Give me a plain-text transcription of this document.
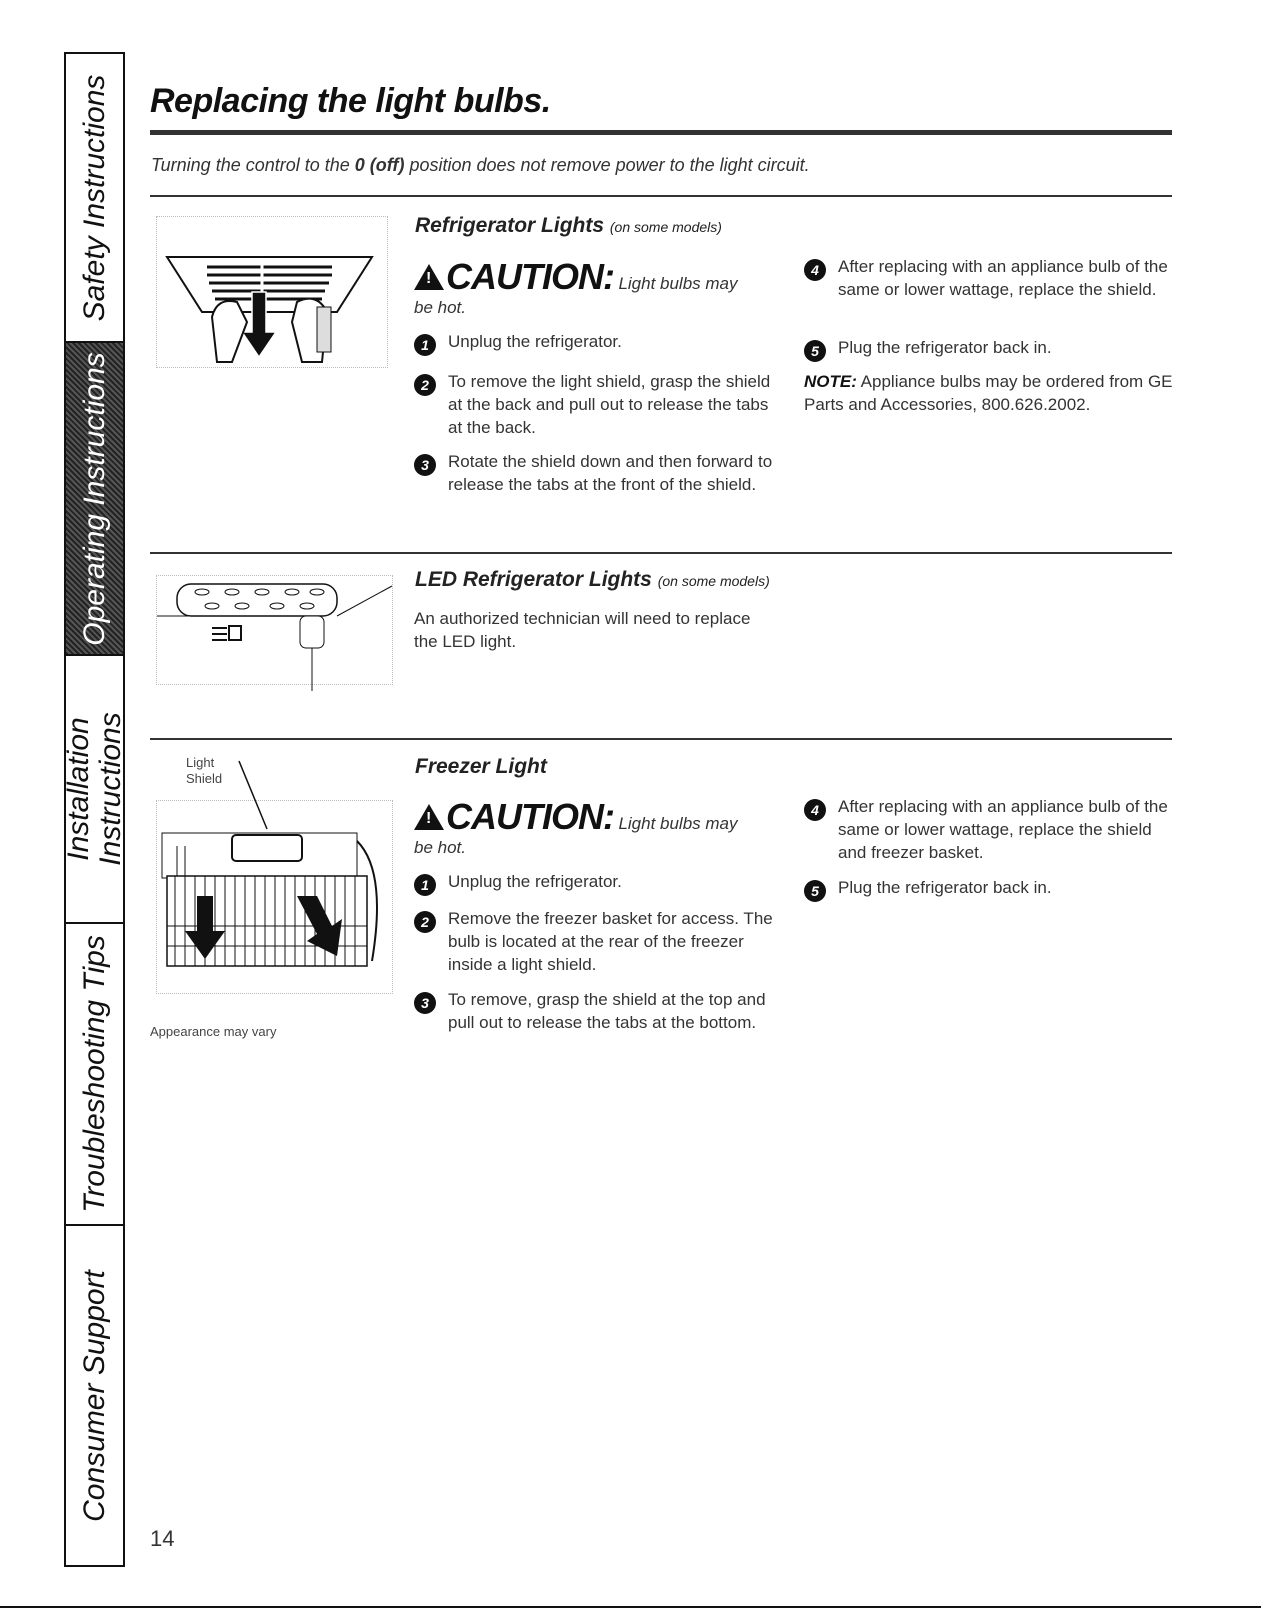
Safety Instructions
Operating Instructions
Installation Instructions
Troubleshooting Tips
Consumer Support
Replacing the light bulbs.
Turning the control to the 0 (off) position does not remove power to the light circuit.
Refrigerator Lights (on some models)
!CAUTION: Light bulbs may
be hot.
1	Unplug the refrigerator.
2	To remove the light shield, grasp the shield at the back and pull out to release the tabs at the back.
3	Rotate the shield down and then forward to release the tabs at the front of the shield.
4	After replacing with an appliance bulb of the same or lower wattage, replace the shield.
5	Plug the refrigerator back in.
NOTE: Appliance bulbs may be ordered from GE Parts and Accessories, 800.626.2002.
LED Refrigerator Lights (on some models)
An authorized technician will need to replace the LED light.
Light
Shield
Appearance may vary
Freezer Light
!CAUTION: Light bulbs may
be hot.
1	Unplug the refrigerator.
2	Remove the freezer basket for access. The bulb is located at the rear of the freezer inside a light shield.
3	To remove, grasp the shield at the top and pull out to release the tabs at the bottom.
4	After replacing with an appliance bulb of the same or lower wattage, replace the shield and freezer basket.
5	Plug the refrigerator back in.
14
